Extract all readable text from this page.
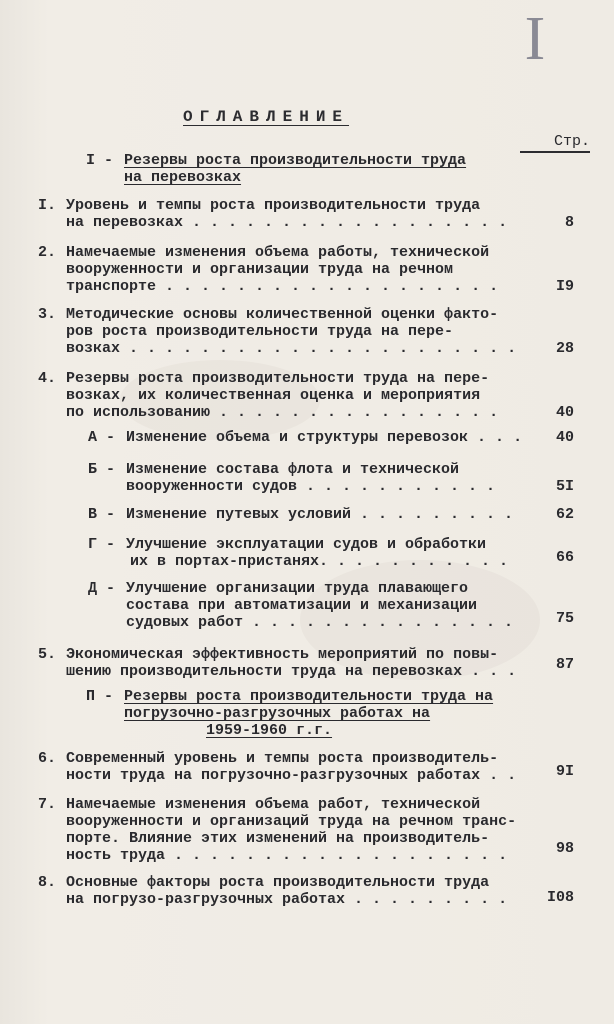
I
ОГЛАВЛЕНИЕ
Стр.
I - Резервы роста производительности труда
на перевозках
I. Уровень и темпы роста производительности труда
на перевозках . . . . . . . . . . . . . . . . . .	8
2. Намечаемые изменения объема работы, технической
вооруженности и организации труда на речном
транспорте . . . . . . . . . . . . . . . . . . .	I9
3. Методические основы количественной оценки факто-
ров роста производительности труда на пере-
возках . . . . . . . . . . . . . . . . . . . . . .	28
4. Резервы роста производительности труда на пере-
возках, их количественная оценка и мероприятия
по использованию . . . . . . . . . . . . . . . .	40
А - Изменение объема и структуры перевозок . . .	40
Б - Изменение состава флота и технической
вооруженности судов . . . . . . . . . . .	5I
В - Изменение путевых условий . . . . . . . . .	62
Г - Улучшение эксплуатации судов и обработки
их в портах-пристанях. . . . . . . . . . .	66
Д - Улучшение организации труда плавающего
состава при автоматизации и механизации
судовых работ . . . . . . . . . . . . . . .	75
5. Экономическая эффективность мероприятий по повы-
шению производительности труда на перевозках . . .	87
П - Резервы роста производительности труда на
погрузочно-разгрузочных работах на
1959-1960 г.г.
6. Современный уровень и темпы роста производитель-
ности труда на погрузочно-разгрузочных работах . .	9I
7. Намечаемые изменения объема работ, технической
вооруженности и организаций труда на речном транс-
порте. Влияние этих изменений на производитель-
ность труда . . . . . . . . . . . . . . . . . . .	98
8. Основные факторы роста производительности труда
на погрузо-разгрузочных работах . . . . . . . . .	I08
